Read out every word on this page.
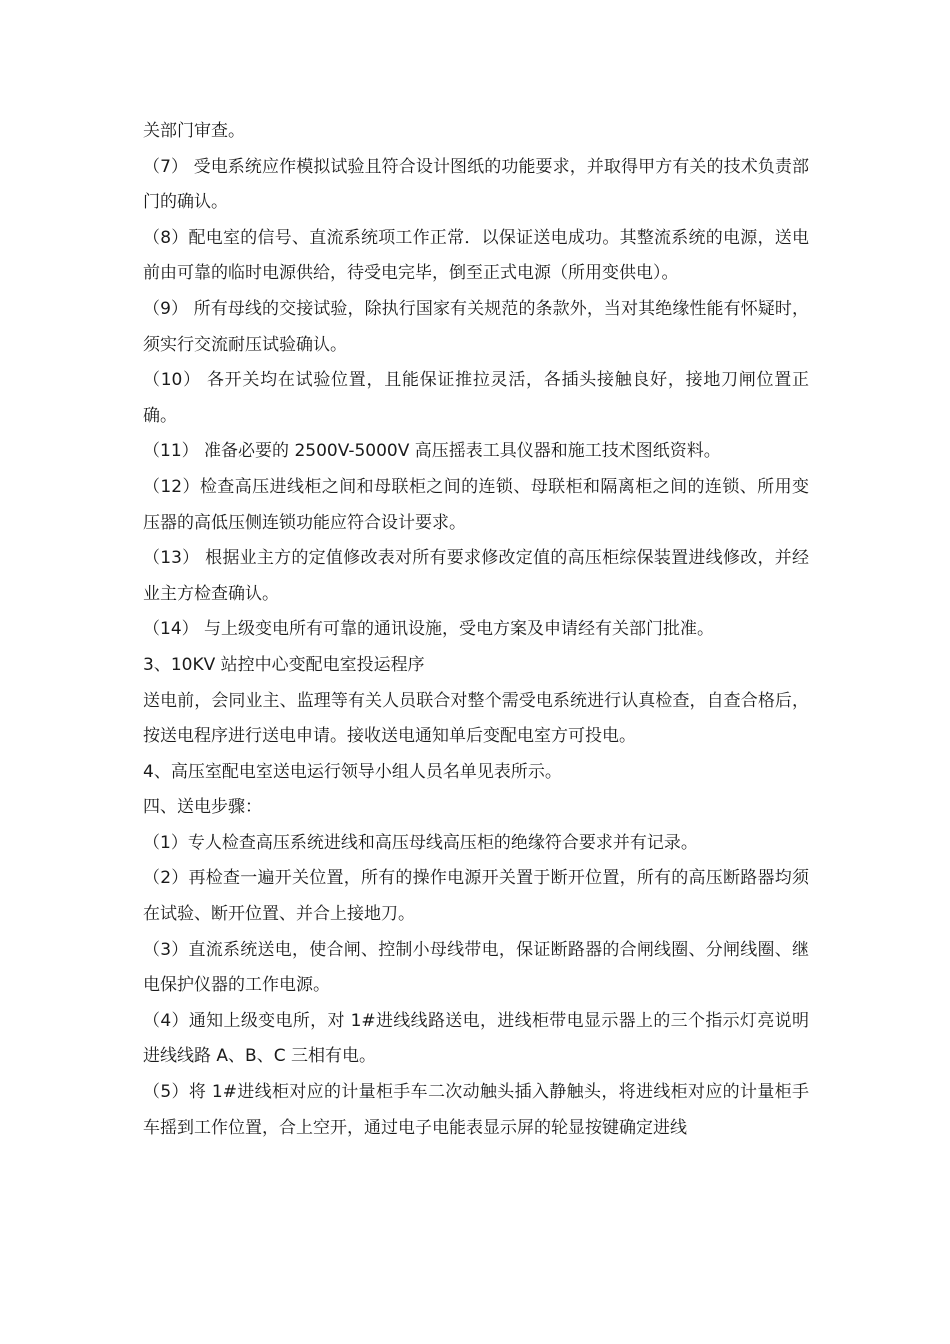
关部门审查。

（7） 受电系统应作模拟试验且符合设计图纸的功能要求，并取得甲方有关的技术负责部门的确认。

（8）配电室的信号、直流系统项工作正常．以保证送电成功。其整流系统的电源，送电前由可靠的临时电源供给，待受电完毕，倒至正式电源（所用变供电）。

（9） 所有母线的交接试验，除执行国家有关规范的条款外，当对其绝缘性能有怀疑时，须实行交流耐压试验确认。

（10） 各开关均在试验位置，且能保证推拉灵活，各插头接触良好，接地刀闸位置正确。

（11） 准备必要的 2500V-5000V 高压摇表工具仪器和施工技术图纸资料。

（12）检查高压进线柜之间和母联柜之间的连锁、母联柜和隔离柜之间的连锁、所用变压器的高低压侧连锁功能应符合设计要求。

（13） 根据业主方的定值修改表对所有要求修改定值的高压柜综保装置进线修改，并经业主方检查确认。

（14） 与上级变电所有可靠的通讯设施，受电方案及申请经有关部门批准。

3、10KV 站控中心变配电室投运程序

送电前，会同业主、监理等有关人员联合对整个需受电系统进行认真检查，自查合格后，按送电程序进行送电申请。接收送电通知单后变配电室方可投电。

4、高压室配电室送电运行领导小组人员名单见表所示。

四、送电步骤：

（1）专人检查高压系统进线和高压母线高压柜的绝缘符合要求并有记录。

（2）再检查一遍开关位置，所有的操作电源开关置于断开位置，所有的高压断路器均须在试验、断开位置、并合上接地刀。

（3）直流系统送电，使合闸、控制小母线带电，保证断路器的合闸线圈、分闸线圈、继电保护仪器的工作电源。

（4）通知上级变电所，对 1#进线线路送电，进线柜带电显示器上的三个指示灯亮说明进线线路 A、B、C 三相有电。

（5）将 1#进线柜对应的计量柜手车二次动触头插入静触头，将进线柜对应的计量柜手车摇到工作位置，合上空开，通过电子电能表显示屏的轮显按键确定进线
